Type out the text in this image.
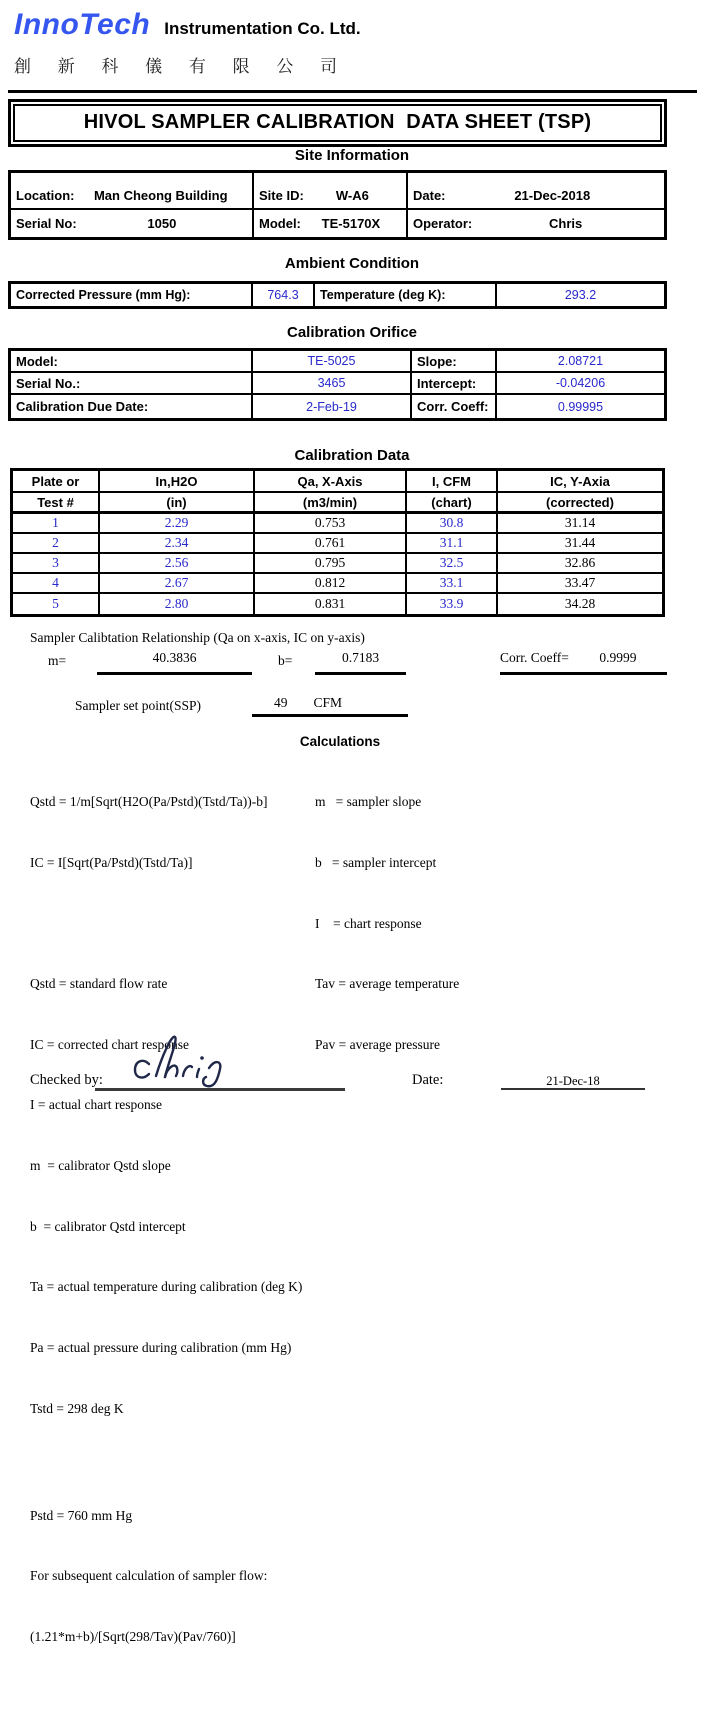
InnoTech Instrumentation Co. Ltd.
創 新 科 儀 有 限 公 司
HIVOL SAMPLER CALIBRATION  DATA SHEET (TSP)
Site Information
Location:	Man Cheong Building	Site ID:	W-A6	Date:	21-Dec-2018
Serial No:	1050	Model:	TE-5170X	Operator:	Chris
Ambient Condition
Corrected Pressure (mm Hg):	764.3	Temperature (deg K):	293.2
Calibration Orifice
Model:	TE-5025	Slope:	2.08721
Serial No.:	3465	Intercept:	-0.04206
Calibration Due Date:	2-Feb-19	Corr. Coeff:	0.99995
Calibration Data
Plate or	In,H2O	Qa, X-Axis	I, CFM	IC, Y-Axia
Test #	(in)	(m3/min)	(chart)	(corrected)
1	2.29	0.753	30.8	31.14
2	2.34	0.761	31.1	31.44
3	2.56	0.795	32.5	32.86
4	2.67	0.812	33.1	33.47
5	2.80	0.831	33.9	34.28
Sampler Calibtation Relationship (Qa on x-axis, IC on y-axis)
m=	40.3836	b=	0.7183	Corr. Coeff=	0.9999
Sampler set point(SSP)	49 CFM
Calculations

Qstd = 1/m[Sqrt(H2O(Pa/Pstd)(Tstd/Ta))-b]

IC = I[Sqrt(Pa/Pstd)(Tstd/Ta)]

Qstd = standard flow rate

IC = corrected chart response

I = actual chart response

m  = calibrator Qstd slope

b  = calibrator Qstd intercept

Ta = actual temperature during calibration (deg K)

Pa = actual pressure during calibration (mm Hg)

Tstd = 298 deg K

Pstd = 760 mm Hg

For subsequent calculation of sampler flow:

(1.21*m+b)/[Sqrt(298/Tav)(Pav/760)]

m   = sampler slope

b   = sampler intercept

I    = chart response

Tav = average temperature

Pav = average pressure

Checked by:	Date:	21-Dec-18
